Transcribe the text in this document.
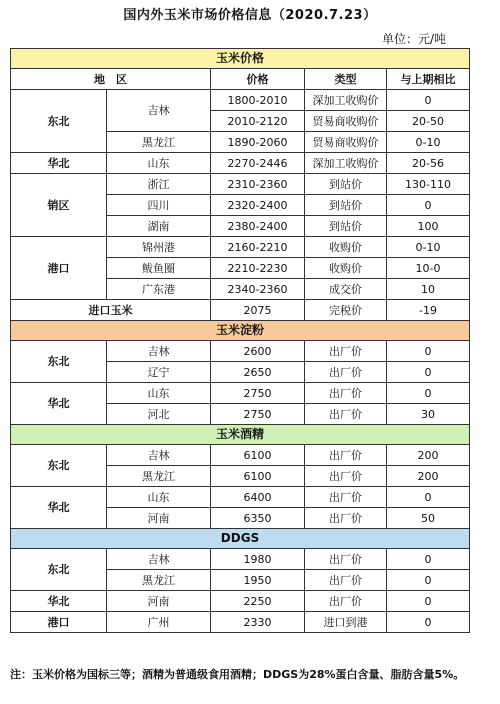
国内外玉米市场价格信息（2020.7.23）
单位：元/吨
玉米价格				
地　区		价格	类型	与上期相比
东北	吉林	1800-2010	深加工收购价	0
		2010-2120	贸易商收购价	20-50
	黑龙江	1890-2060	贸易商收购价	0-10
华北	山东	2270-2446	深加工收购价	20-56
销区	浙江	2310-2360	到站价	130-110
	四川	2320-2400	到站价	0
	湖南	2380-2400	到站价	100
港口	锦州港	2160-2210	收购价	0-10
	鲅鱼圈	2210-2230	收购价	10-0
	广东港	2340-2360	成交价	10
进口玉米		2075	完税价	-19
玉米淀粉				
东北	吉林	2600	出厂价	0
	辽宁	2650	出厂价	0
华北	山东	2750	出厂价	0
	河北	2750	出厂价	30
玉米酒精				
东北	吉林	6100	出厂价	200
	黑龙江	6100	出厂价	200
华北	山东	6400	出厂价	0
	河南	6350	出厂价	50
DDGS				
东北	吉林	1980	出厂价	0
	黑龙江	1950	出厂价	0
华北	河南	2250	出厂价	0
港口	广州	2330	进口到港	0
注：玉米价格为国标三等；酒精为普通级食用酒精；DDGS为28%蛋白含量、脂肪含量5%。
